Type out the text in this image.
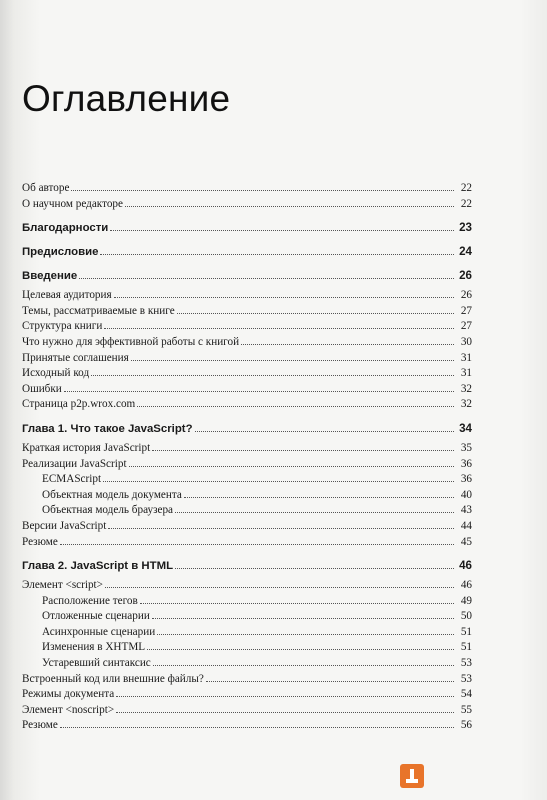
Оглавление
Об авторе	22
О научном редакторе	22
Благодарности	23
Предисловие	24
Введение	26
Целевая аудитория	26
Темы, рассматриваемые в книге	27
Структура книги	27
Что нужно для эффективной работы с книгой	30
Принятые соглашения	31
Исходный код	31
Ошибки	32
Страница p2p.wrox.com	32
Глава 1. Что такое JavaScript?	34
Краткая история JavaScript	35
Реализации JavaScript	36
ECMAScript	36
Объектная модель документа	40
Объектная модель браузера	43
Версии JavaScript	44
Резюме	45
Глава 2. JavaScript в HTML	46
Элемент <script>	46
Расположение тегов	49
Отложенные сценарии	50
Асинхронные сценарии	51
Изменения в XHTML	51
Устаревший синтаксис	53
Встроенный код или внешние файлы?	53
Режимы документа	54
Элемент <noscript>	55
Резюме	56
